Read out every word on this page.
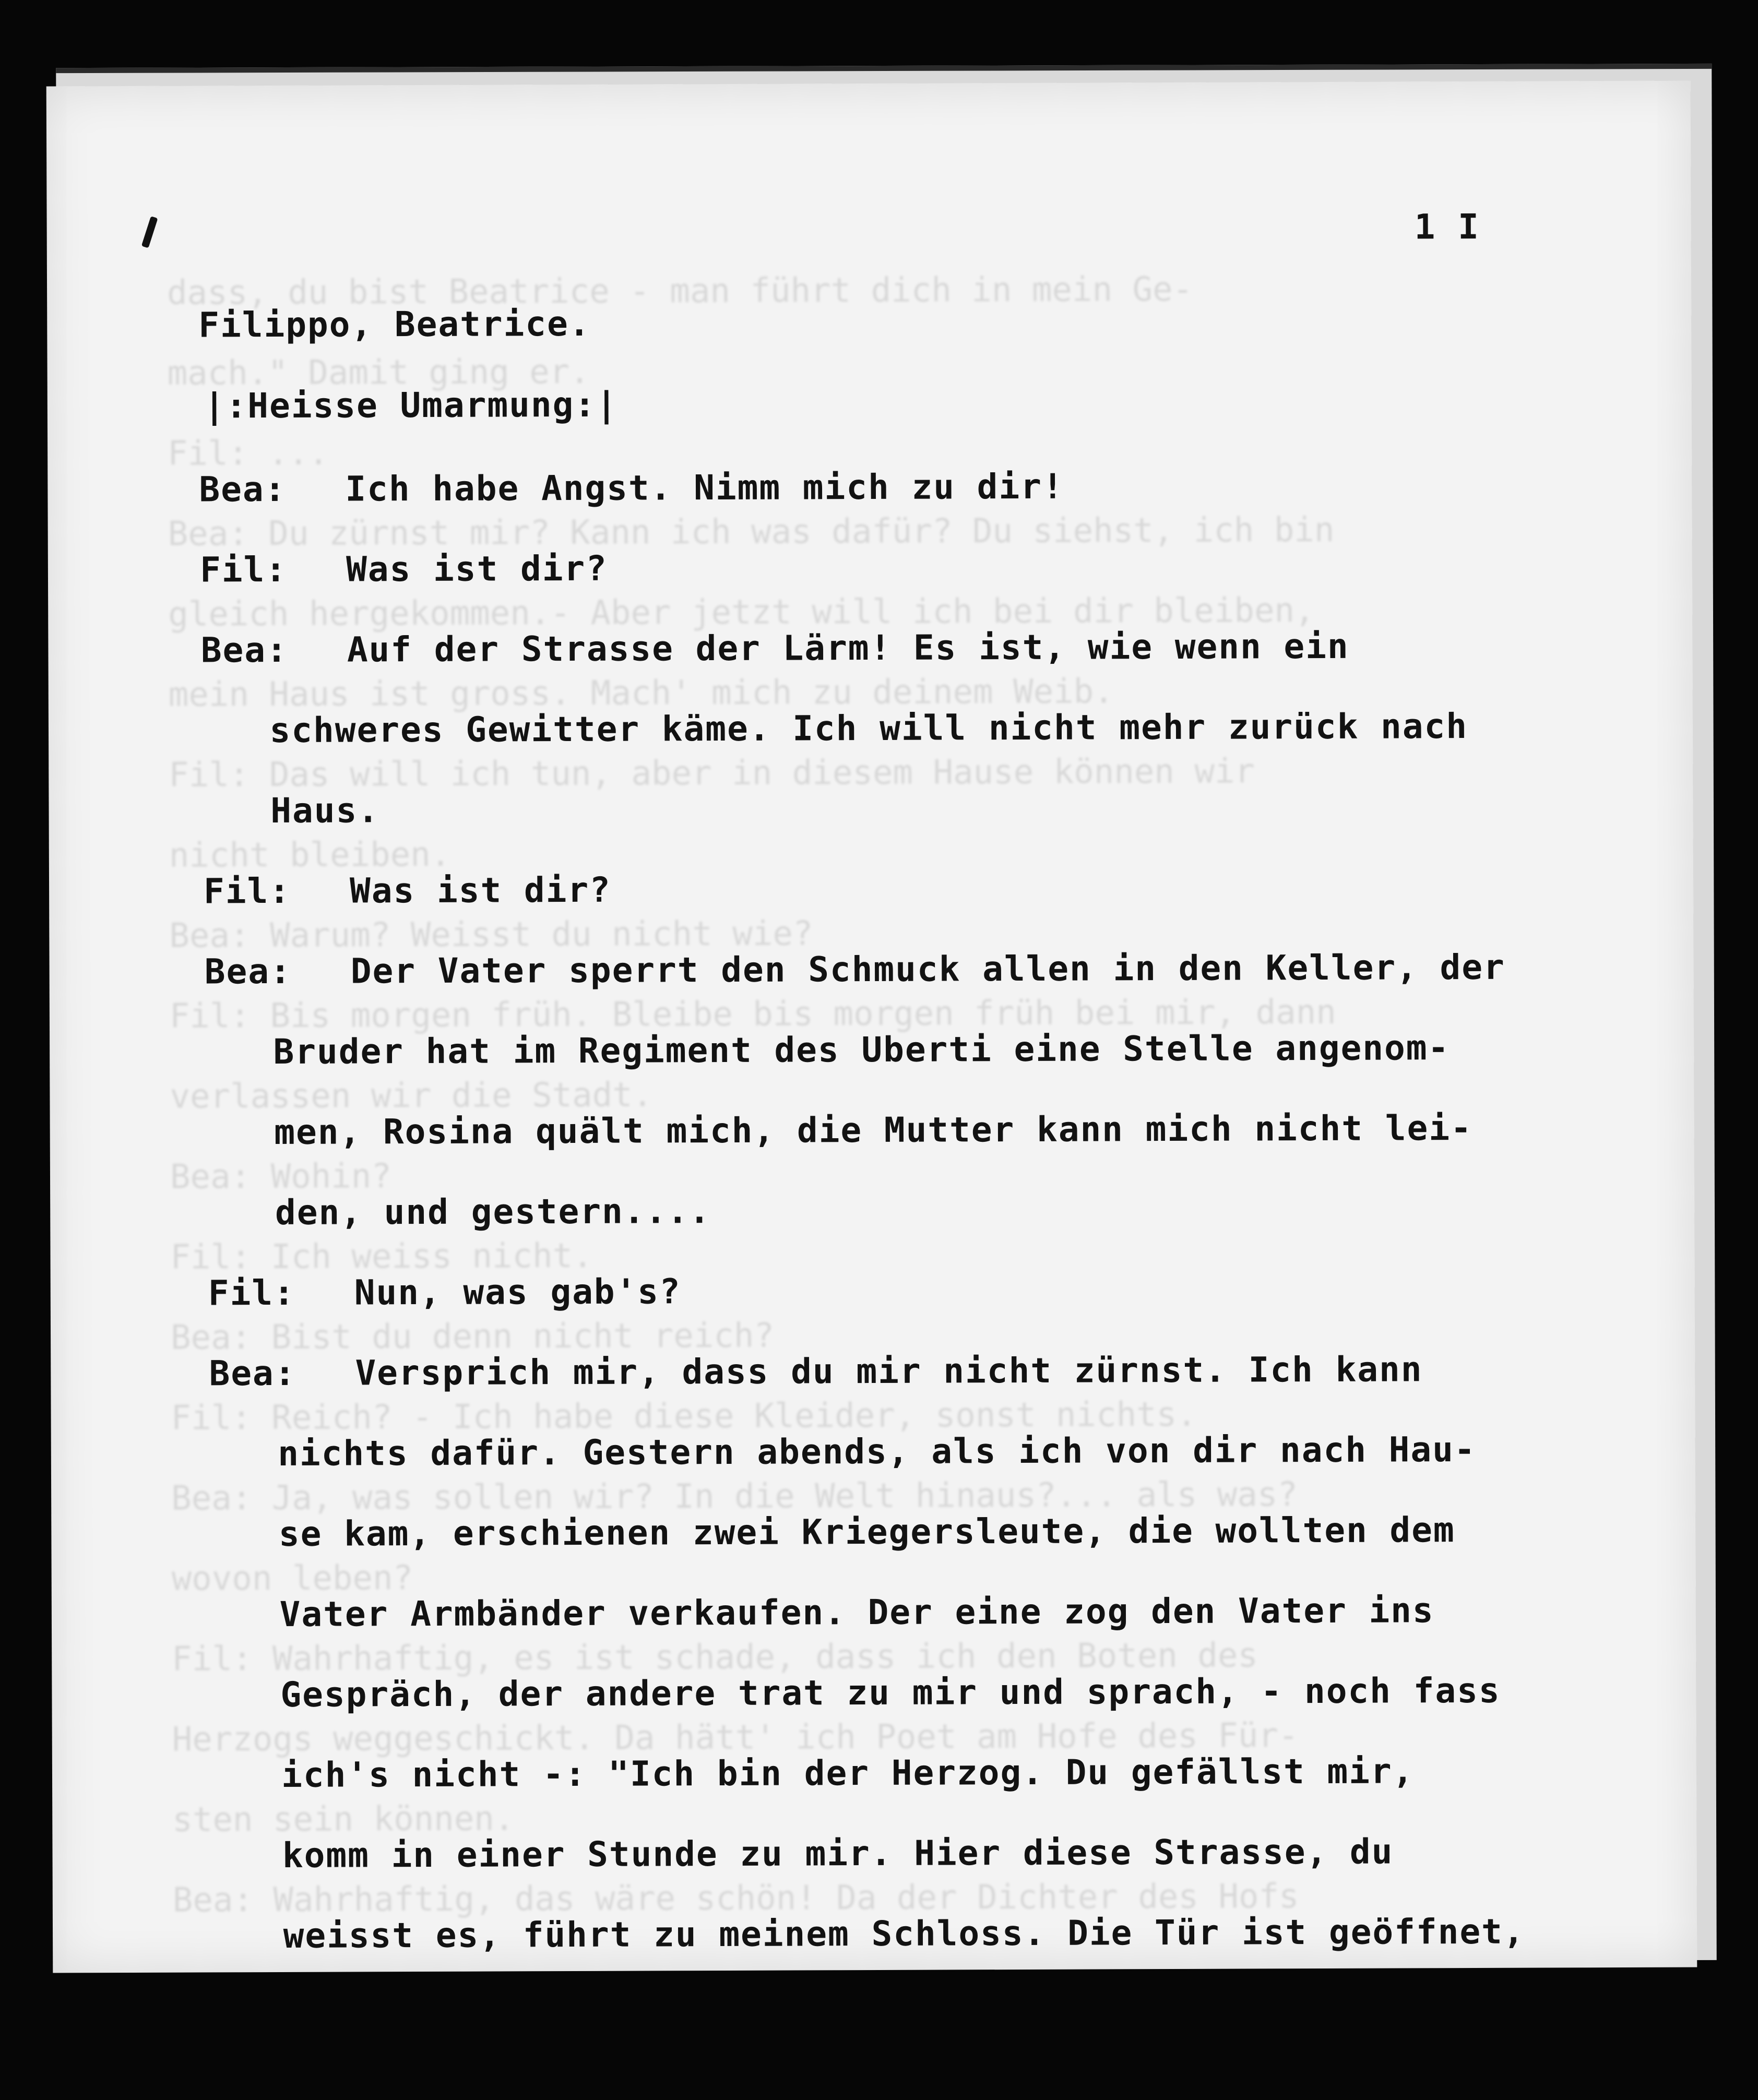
dass, du bist Beatrice - man führt dich in mein Ge-
mach." Damit ging er.
Fil: ...
Bea: Du zürnst mir? Kann ich was dafür? Du siehst, ich bin
gleich hergekommen.- Aber jetzt will ich bei dir bleiben,
mein Haus ist gross. Mach' mich zu deinem Weib.
Fil: Das will ich tun, aber in diesem Hause können wir
nicht bleiben.
Bea: Warum? Weisst du nicht wie?
Fil: Bis morgen früh. Bleibe bis morgen früh bei mir, dann
verlassen wir die Stadt.
Bea: Wohin?
Fil: Ich weiss nicht.
Bea: Bist du denn nicht reich?
Fil: Reich? - Ich habe diese Kleider, sonst nichts.
Bea: Ja, was sollen wir? In die Welt hinaus?... als was?
wovon leben?
Fil: Wahrhaftig, es ist schade, dass ich den Boten des
Herzogs weggeschickt. Da hätt' ich Poet am Hofe des Für-
sten sein können.
Bea: Wahrhaftig, das wäre schön! Da der Dichter des Hofs
1 I
Filippo, Beatrice.
|:Heisse Umarmung:|
Bea: Ich habe Angst. Nimm mich zu dir!
Fil: Was ist dir?
Bea: Auf der Strasse der Lärm! Es ist, wie wenn ein
schweres Gewitter käme. Ich will nicht mehr zurück nach
Haus.
Fil: Was ist dir?
Bea: Der Vater sperrt den Schmuck allen in den Keller, der
Bruder hat im Regiment des Uberti eine Stelle angenom-
men, Rosina quält mich, die Mutter kann mich nicht lei-
den, und gestern....
Fil: Nun, was gab's?
Bea: Versprich mir, dass du mir nicht zürnst. Ich kann
nichts dafür. Gestern abends, als ich von dir nach Hau-
se kam, erschienen zwei Kriegersleute, die wollten dem
Vater Armbänder verkaufen. Der eine zog den Vater ins
Gespräch, der andere trat zu mir und sprach, - noch fass
ich's nicht -: "Ich bin der Herzog. Du gefällst mir,
komm in einer Stunde zu mir. Hier diese Strasse, du
weisst es, führt zu meinem Schloss. Die Tür ist geöffnet,
